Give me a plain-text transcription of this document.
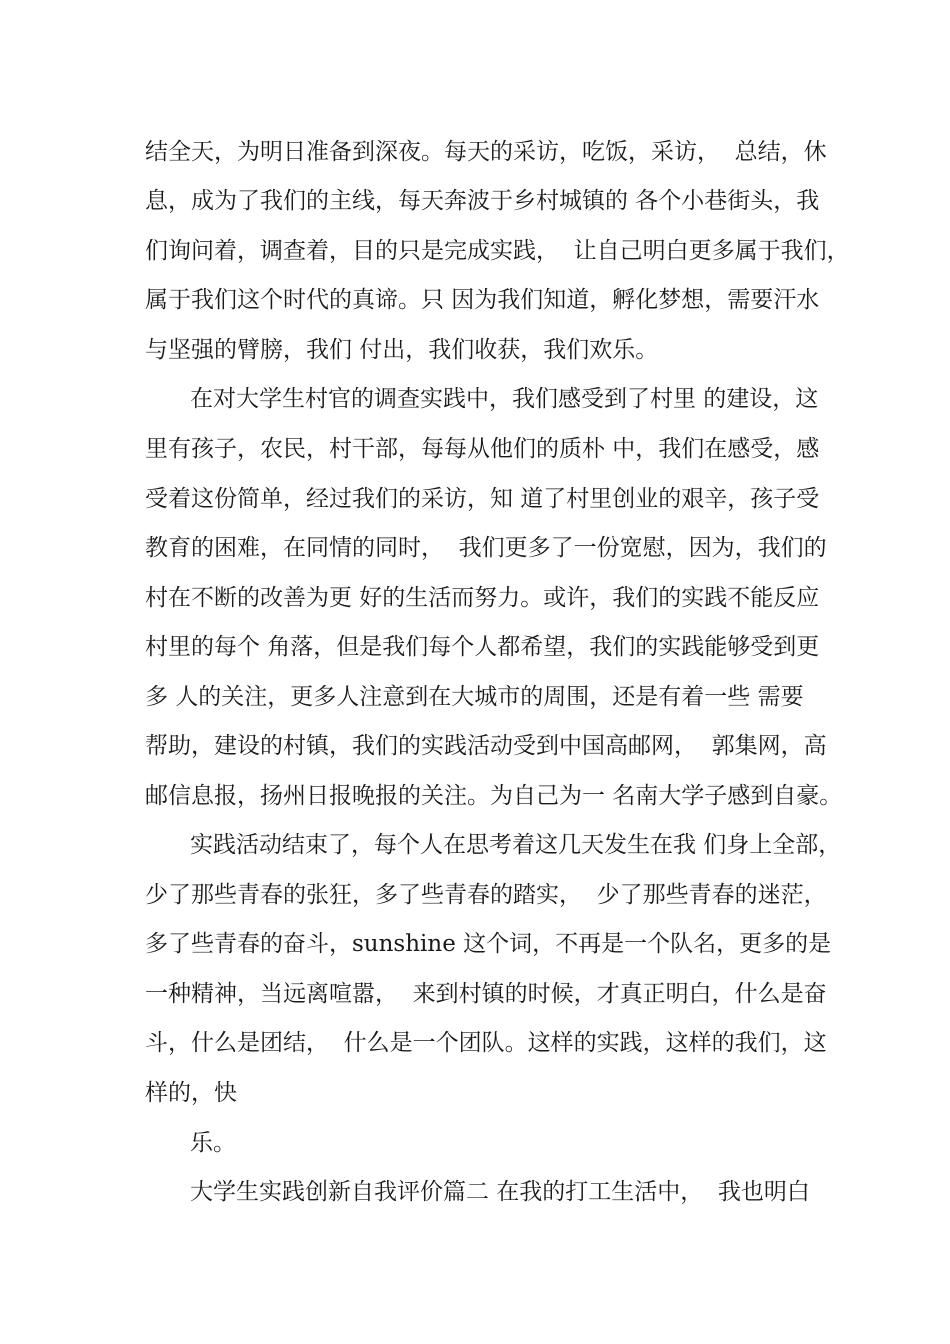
结全天，为明日准备到深夜。每天的采访，吃饭，采访，  总结，休
息，成为了我们的主线，每天奔波于乡村城镇的 各个小巷街头，我
们询问着，调查着，目的只是完成实践，  让自己明白更多属于我们，
属于我们这个时代的真谛。只 因为我们知道，孵化梦想，需要汗水
与坚强的臂膀，我们 付出，我们收获，我们欢乐。
在对大学生村官的调查实践中，我们感受到了村里 的建设，这
里有孩子，农民，村干部，每每从他们的质朴 中，我们在感受，感
受着这份简单，经过我们的采访，知 道了村里创业的艰辛，孩子受
教育的困难，在同情的同时，  我们更多了一份宽慰，因为，我们的
村在不断的改善为更 好的生活而努力。或许，我们的实践不能反应
村里的每个 角落，但是我们每个人都希望，我们的实践能够受到更
多 人的关注，更多人注意到在大城市的周围，还是有着一些 需要
帮助，建设的村镇，我们的实践活动受到中国高邮网，  郭集网，高
邮信息报，扬州日报晚报的关注。为自己为一 名南大学子感到自豪。
实践活动结束了，每个人在思考着这几天发生在我 们身上全部，
少了那些青春的张狂，多了些青春的踏实，  少了那些青春的迷茫，
多了些青春的奋斗，sunshine 这个词，不再是一个队名，更多的是
一种精神，当远离喧嚣，  来到村镇的时候，才真正明白，什么是奋
斗，什么是团结，  什么是一个团队。这样的实践，这样的我们，这
样的，快
乐。
大学生实践创新自我评价篇二 在我的打工生活中，  我也明白
